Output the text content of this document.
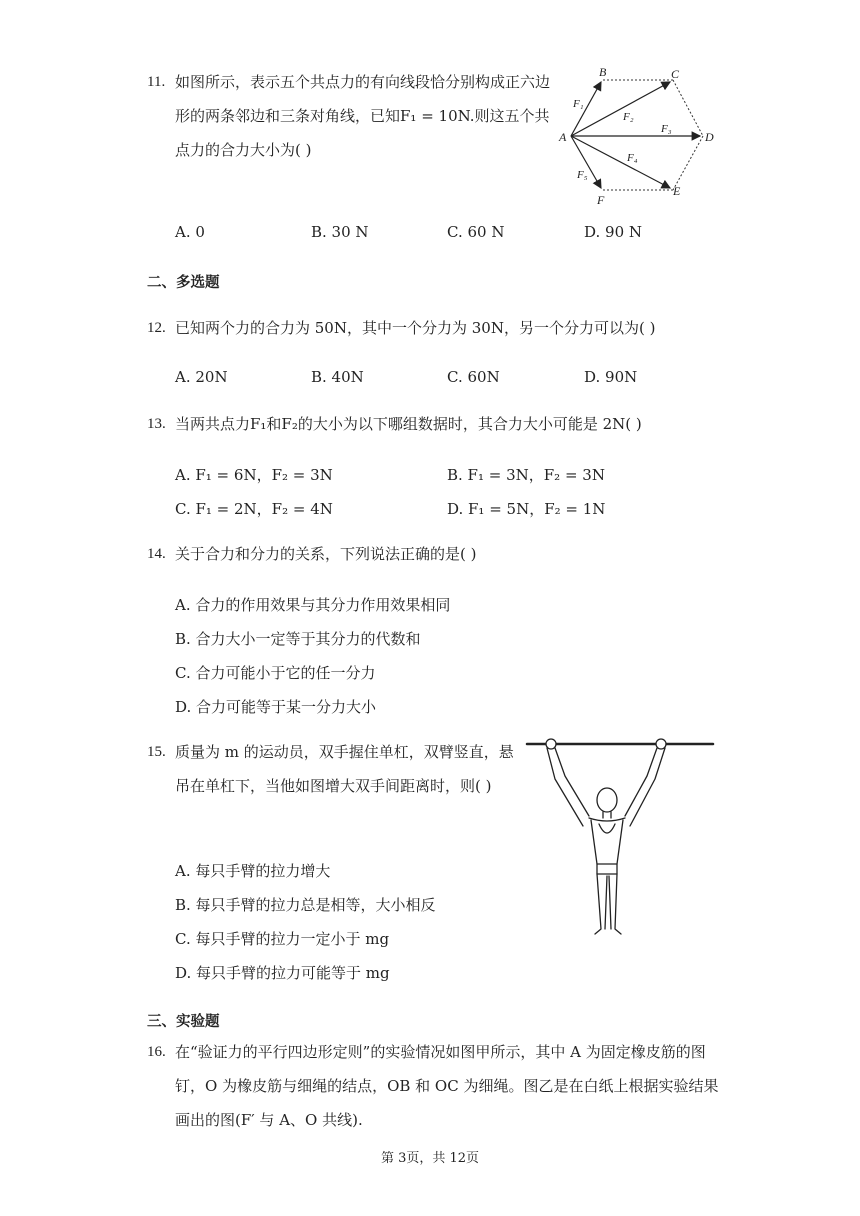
11. 如图所示，表示五个共点力的有向线段恰分别构成正六边
形的两条邻边和三条对角线，已知F₁ = 10N.则这五个共
点力的合力大小为( )
B	C
A	D
F
E
F₁
F₂
F₃
F₄
F₅
A. 0	B. 30 N	C. 60 N	D. 90 N
二、多选题
12. 已知两个力的合力为 50N，其中一个分力为 30N，另一个分力可以为( )
A. 20N	B. 40N	C. 60N	D. 90N
13. 当两共点力F₁和F₂的大小为以下哪组数据时，其合力大小可能是 2N( )
A. F₁ = 6N，F₂ = 3N	B. F₁ = 3N，F₂ = 3N
C. F₁ = 2N，F₂ = 4N	D. F₁ = 5N，F₂ = 1N
14. 关于合力和分力的关系，下列说法正确的是( )
A. 合力的作用效果与其分力作用效果相同
B. 合力大小一定等于其分力的代数和
C. 合力可能小于它的任一分力
D. 合力可能等于某一分力大小
15. 质量为 m 的运动员，双手握住单杠，双臂竖直，悬
吊在单杠下，当他如图增大双手间距离时，则( )
A. 每只手臂的拉力增大
B. 每只手臂的拉力总是相等，大小相反
C. 每只手臂的拉力一定小于 mg
D. 每只手臂的拉力可能等于 mg
三、实验题
16. 在“验证力的平行四边形定则”的实验情况如图甲所示，其中 A 为固定橡皮筋的图
钉，O 为橡皮筋与细绳的结点，OB 和 OC 为细绳。图乙是在白纸上根据实验结果
画出的图(F′ 与 A、O 共线).
第 3页，共 12页
